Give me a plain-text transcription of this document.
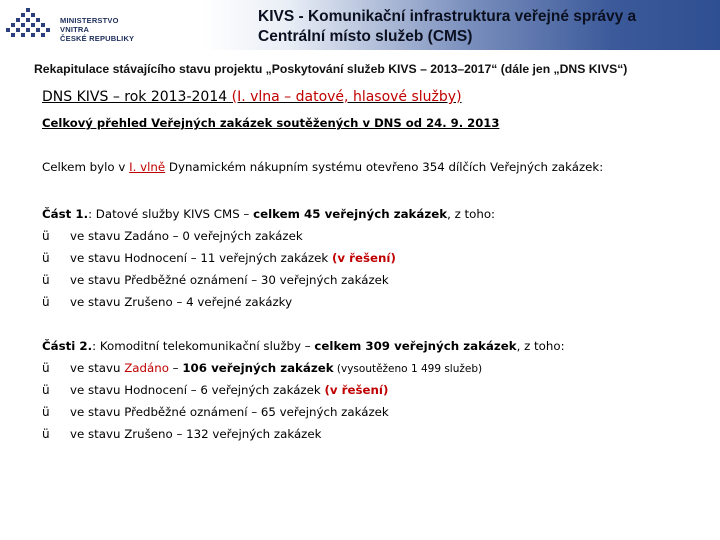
MINISTERSTVO VNITRA
ČESKÉ REPUBLIKY
KIVS - Komunikační infrastruktura veřejné správy a
Centrální místo služeb (CMS)
Rekapitulace stávajícího stavu projektu „Poskytování služeb KIVS – 2013–2017“ (dále jen „DNS KIVS“)
DNS KIVS – rok 2013-2014 (I. vlna – datové, hlasové služby)
Celkový přehled Veřejných zakázek soutěžených v DNS od 24. 9. 2013
Celkem bylo v I. vlně Dynamickém nákupním systému otevřeno 354 dílčích Veřejných zakázek:
Část 1.: Datové služby KIVS CMS – celkem 45 veřejných zakázek, z toho:
ü ve stavu Zadáno – 0 veřejných zakázek
ü ve stavu Hodnocení – 11 veřejných zakázek (v řešení)
ü ve stavu Předběžné oznámení – 30 veřejných zakázek
ü ve stavu Zrušeno – 4 veřejné zakázky
Části 2.: Komoditní telekomunikační služby – celkem 309 veřejných zakázek, z toho:
ü ve stavu Zadáno – 106 veřejných zakázek (vysoutěženo 1 499 služeb)
ü ve stavu Hodnocení – 6 veřejných zakázek (v řešení)
ü ve stavu Předběžné oznámení – 65 veřejných zakázek
ü ve stavu Zrušeno – 132 veřejných zakázek
